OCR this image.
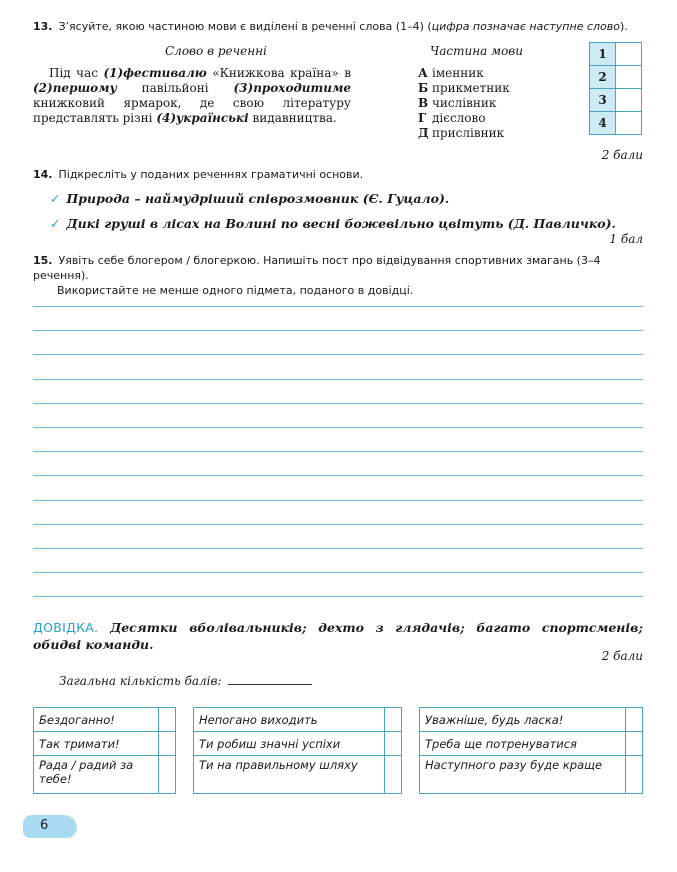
13. З’ясуйте, якою частиною мови є виділені в реченні слова (1–4) (цифра позначає наступне слово).
Слово в реченні	Частина мови
Під час (1)фестивалю «Книжкова країна» в (2)першому павільйоні (3)проходитиме книжковий ярмарок, де свою літературу представлять різні (4)українські видавництва.
А іменник
Б прикметник
В числівник
Г дієслово
Д прислівник
1	
2	
3	
4	
2 бали
14. Підкресліть у поданих реченнях граматичні основи.
✓ Природа – наймудріший співрозмовник (Є. Гуцало).
✓ Дикі груші в лісах на Волині по весні божевільно цвітуть (Д. Павличко).
1 бал
15. Уявіть себе блогером / блогеркою. Напишіть пост про відвідування спортивних змагань (3–4 речення).
Використайте не менше одного підмета, поданого в довідці.
ДОВІДКА. Десятки вболівальників; дехто з глядачів; багато спортсменів; обидві команди.
2 бали
Загальна кількість балів:
Бездоганно!	
Так тримати!	
Рада / радий за тебе!	
Непогано виходить	
Ти робиш значні успіхи	
Ти на правильному шляху	
Уважніше, будь ласка!	
Треба ще потренуватися	
Наступного разу буде краще	
6
